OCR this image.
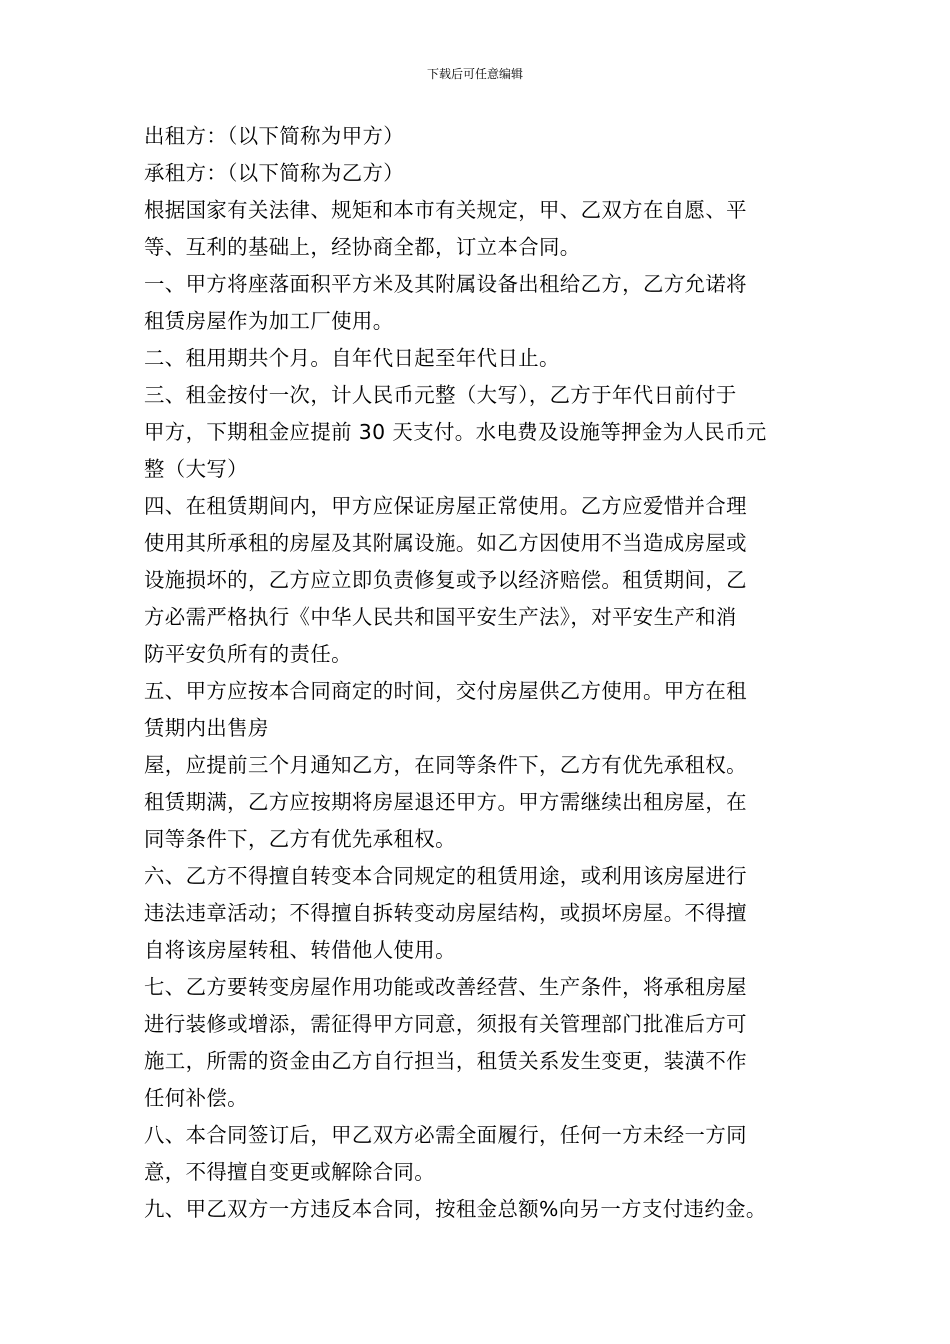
下载后可任意编辑
出租方：（以下简称为甲方）
承租方：（以下简称为乙方）
根据国家有关法律、规矩和本市有关规定，甲、乙双方在自愿、平
等、互利的基础上，经协商全都，订立本合同。
一、甲方将座落面积平方米及其附属设备出租给乙方，乙方允诺将
租赁房屋作为加工厂使用。
二、租用期共个月。自年代日起至年代日止。
三、租金按付一次，计人民币元整（大写），乙方于年代日前付于
甲方，下期租金应提前 30 天支付。水电费及设施等押金为人民币元
整（大写）
四、在租赁期间内，甲方应保证房屋正常使用。乙方应爱惜并合理
使用其所承租的房屋及其附属设施。如乙方因使用不当造成房屋或
设施损坏的，乙方应立即负责修复或予以经济赔偿。租赁期间，乙
方必需严格执行《中华人民共和国平安生产法》，对平安生产和消
防平安负所有的责任。
五、甲方应按本合同商定的时间，交付房屋供乙方使用。甲方在租
赁期内出售房
屋，应提前三个月通知乙方，在同等条件下，乙方有优先承租权。
租赁期满，乙方应按期将房屋退还甲方。甲方需继续出租房屋，在
同等条件下，乙方有优先承租权。
六、乙方不得擅自转变本合同规定的租赁用途，或利用该房屋进行
违法违章活动；不得擅自拆转变动房屋结构，或损坏房屋。不得擅
自将该房屋转租、转借他人使用。
七、乙方要转变房屋作用功能或改善经营、生产条件，将承租房屋
进行装修或增添，需征得甲方同意，须报有关管理部门批准后方可
施工，所需的资金由乙方自行担当，租赁关系发生变更，装潢不作
任何补偿。
八、本合同签订后，甲乙双方必需全面履行，任何一方未经一方同
意，不得擅自变更或解除合同。
九、甲乙双方一方违反本合同，按租金总额%向另一方支付违约金。
